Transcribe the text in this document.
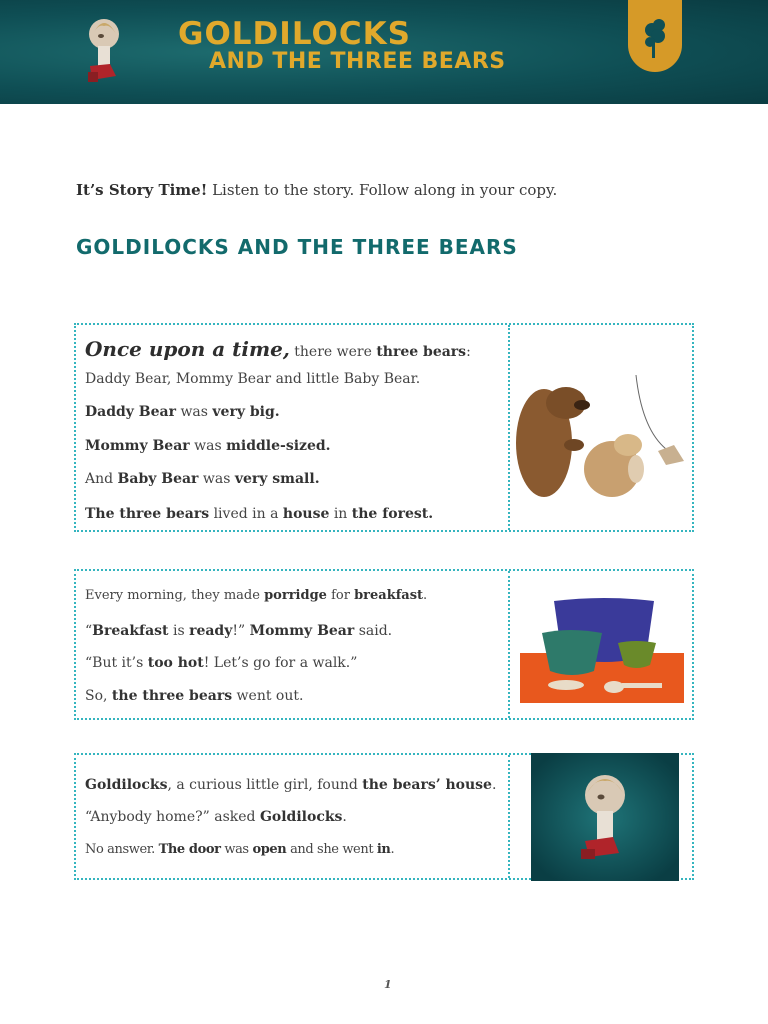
GOLDILOCKS
AND THE THREE BEARS
It’s Story Time! Listen to the story. Follow along in your copy.
GOLDILOCKS AND THE THREE BEARS
Once upon a time, there were three bears:
Daddy Bear, Mommy Bear and little Baby Bear.
Daddy Bear was very big.
Mommy Bear was middle-sized.
And Baby Bear was very small.
The three bears lived in a house in the forest.
Every morning, they made porridge for breakfast.
“Breakfast is ready!” Mommy Bear said.
“But it’s too hot! Let’s go for a walk.”
So, the three bears went out.
Goldilocks, a curious little girl, found the bears’ house.
“Anybody home?” asked Goldilocks.
No answer. The door was open and she went in.
1
